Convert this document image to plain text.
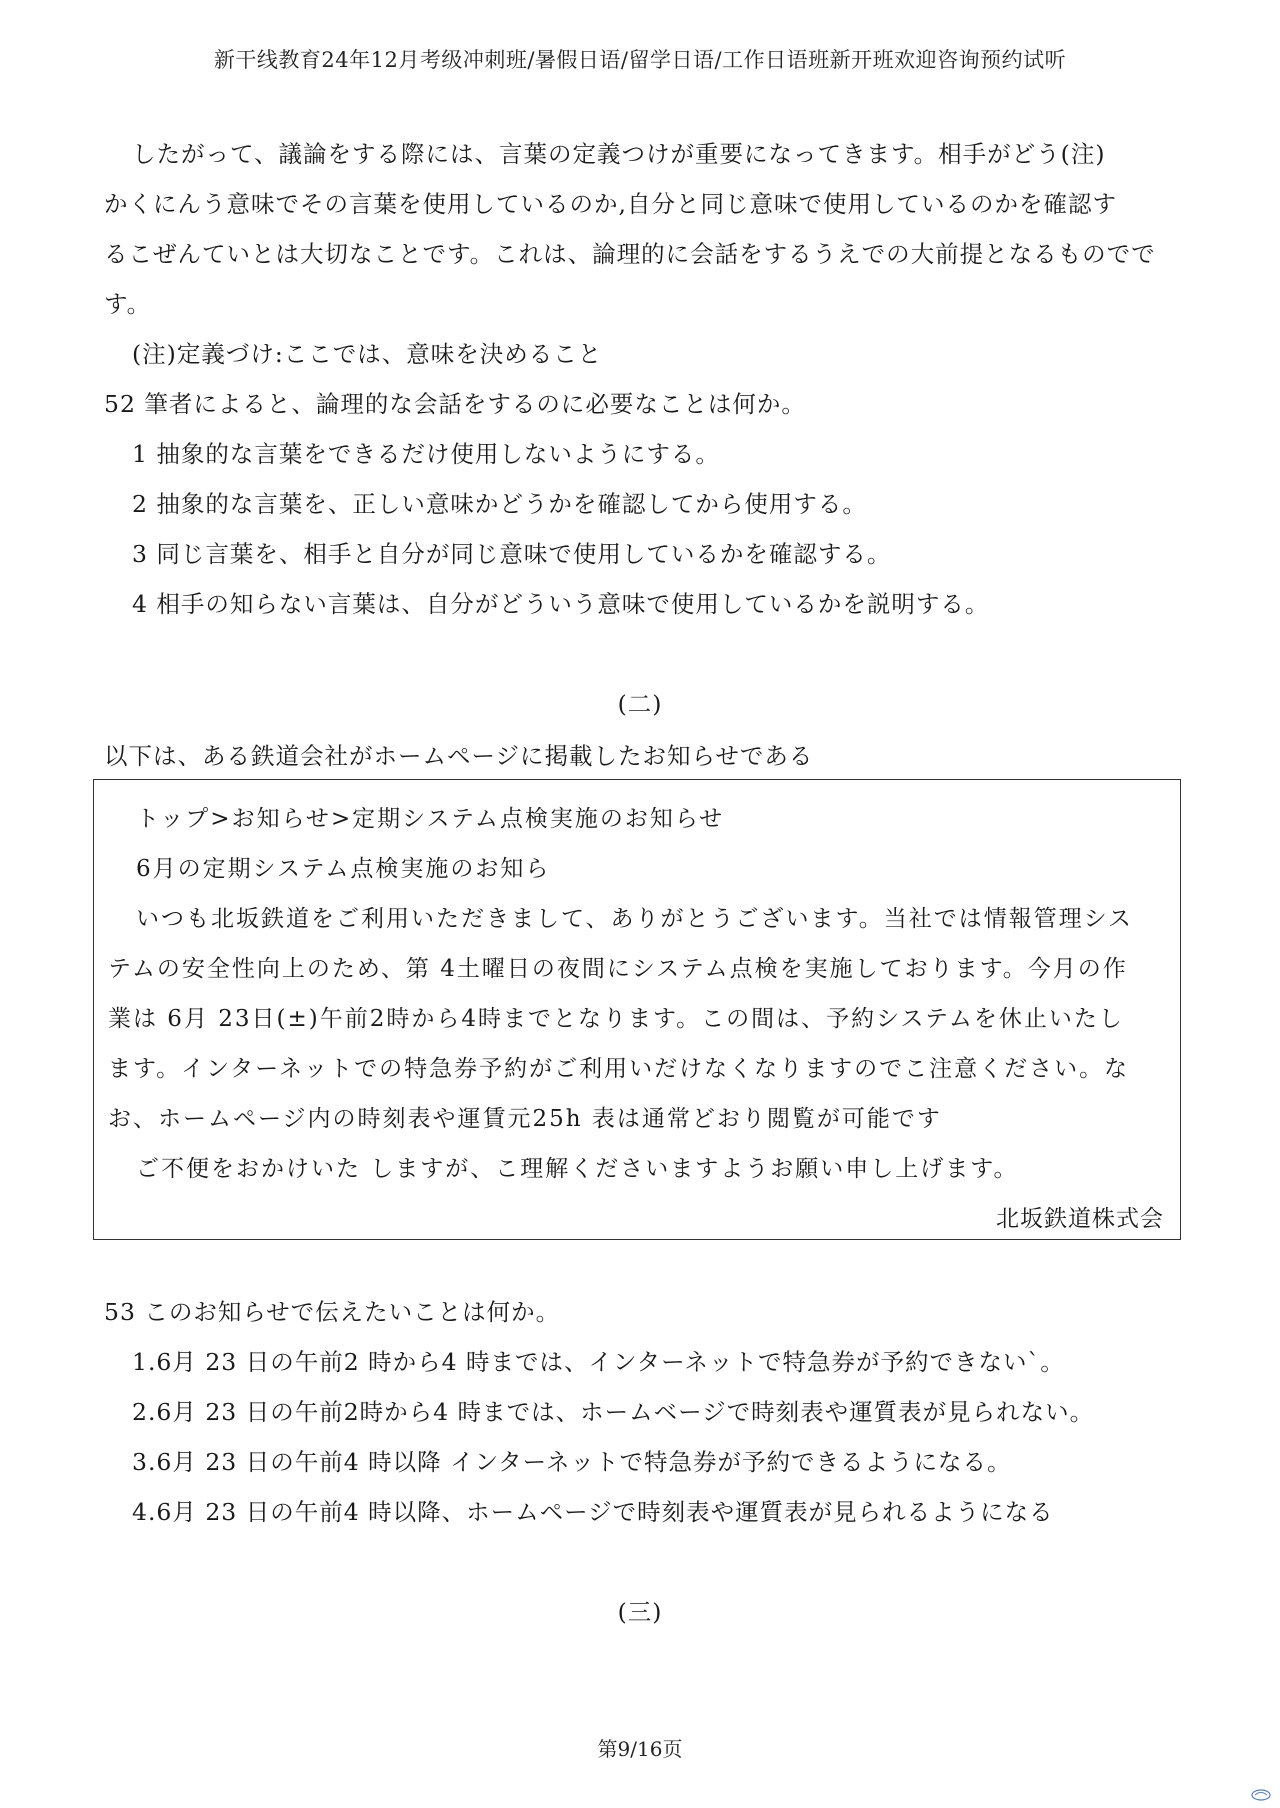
新干线教育24年12月考级冲刺班/暑假日语/留学日语/工作日语班新开班欢迎咨询预约试听
したがって、議論をする際には、言葉の定義つけが重要になってきます。相手がどう(注)
かくにんう意味でその言葉を使用しているのか,自分と同じ意味で使用しているのかを確認す
るこぜんていとは大切なことです。これは、論理的に会話をするうえでの大前提となるものでで
す。
(注)定義づけ:ここでは、意味を決めること
52 筆者によると、論理的な会話をするのに必要なことは何か。
1 抽象的な言葉をできるだけ使用しないようにする。
2 抽象的な言葉を、正しい意味かどうかを確認してから使用する。
3 同じ言葉を、相手と自分が同じ意味で使用しているかを確認する。
4 相手の知らない言葉は、自分がどういう意味で使用しているかを説明する。
(二)
以下は、ある鉄道会社がホームページに掲載したお知らせである
トップ>お知らせ>定期システム点検実施のお知らせ
6月の定期システム点検実施のお知ら
いつも北坂鉄道をご利用いただきまして、ありがとうございます。当社では情報管理シス
テムの安全性向上のため、第 4土曜日の夜間にシステム点検を実施しております。今月の作
業は 6月 23日(±)午前2時から4時までとなります。この間は、予約システムを休止いたし
ます。インターネットでの特急券予約がご利用いだけなくなりますのでこ注意ください。な
お、ホームページ内の時刻表や運賃元25h 表は通常どおり閲覧が可能です
ご不便をおかけいた しますが、こ理解くださいますようお願い申し上げます。
北坂鉄道株式会
53 このお知らせで伝えたいことは何か。
1.6月 23 日の午前2 時から4 時までは、インターネットで特急券が予約できない`。
2.6月 23 日の午前2時から4 時までは、ホームベージで時刻表や運質表が見られない。
3.6月 23 日の午前4 時以降 インターネットで特急券が予約できるようになる。
4.6月 23 日の午前4 時以降、ホームページで時刻表や運質表が見られるようになる
(三)
第9/16页
